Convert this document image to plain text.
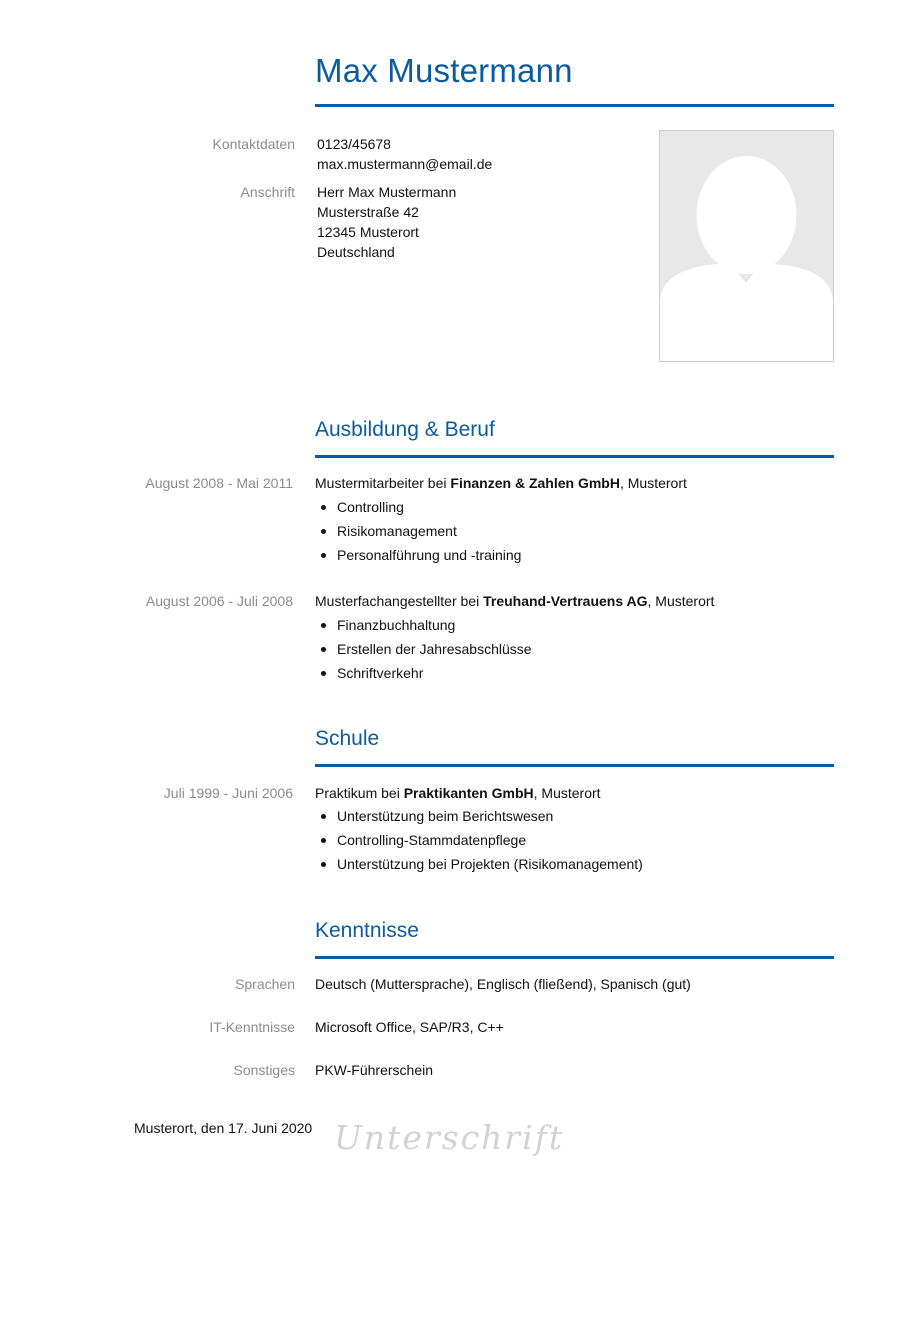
Max Mustermann
Kontaktdaten 0123/45678
max.mustermann@email.de
Anschrift Herr Max Mustermann
Musterstraße 42
12345 Musterort
Deutschland
Ausbildung & Beruf
August 2008 - Mai 2011 Mustermitarbeiter bei Finanzen & Zahlen GmbH, Musterort
Controlling
Risikomanagement
Personalführung und -training
August 2006 - Juli 2008 Musterfachangestellter bei Treuhand-Vertrauens AG, Musterort
Finanzbuchhaltung
Erstellen der Jahresabschlüsse
Schriftverkehr
Schule
Juli 1999 - Juni 2006 Praktikum bei Praktikanten GmbH, Musterort
Unterstützung beim Berichtswesen
Controlling-Stammdatenpflege
Unterstützung bei Projekten (Risikomanagement)
Kenntnisse
Sprachen Deutsch (Muttersprache), Englisch (fließend), Spanisch (gut)
IT-Kenntnisse Microsoft Office, SAP/R3, C++
Sonstiges PKW-Führerschein
Musterort, den 17. Juni 2020 Unterschrift
